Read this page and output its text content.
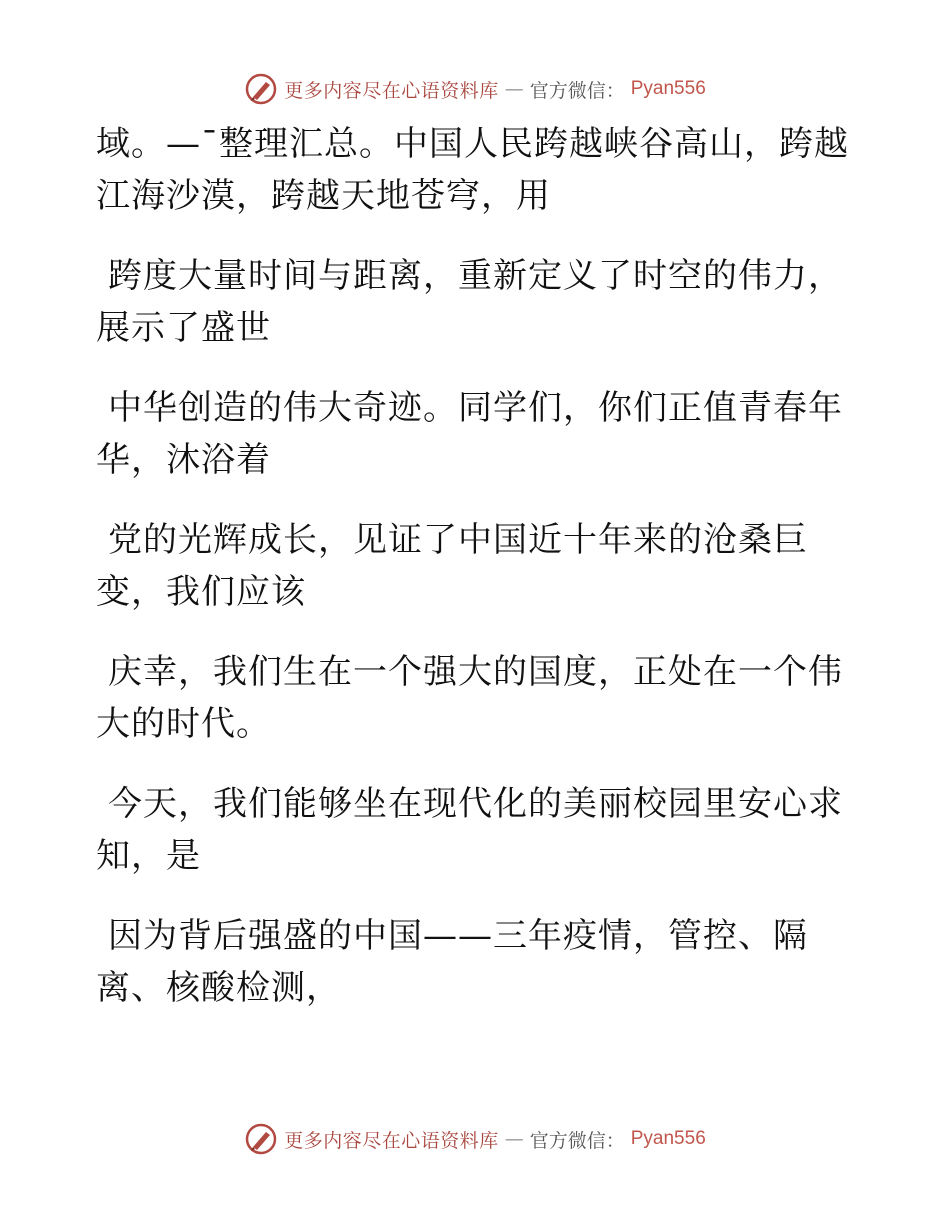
更多内容尽在心语资料库 — 官方微信： Pyan556

域。—¯整理汇总。中国人民跨越峡谷高山，跨越
江海沙漠，跨越天地苍穹，用

跨度大量时间与距离，重新定义了时空的伟力，
展示了盛世

中华创造的伟大奇迹。同学们，你们正值青春年
华，沐浴着

党的光辉成长，见证了中国近十年来的沧桑巨
变，我们应该

庆幸，我们生在一个强大的国度，正处在一个伟
大的时代。

今天，我们能够坐在现代化的美丽校园里安心求
知，是

因为背后强盛的中国——三年疫情，管控、隔
离、核酸检测，

更多内容尽在心语资料库 — 官方微信： Pyan556
